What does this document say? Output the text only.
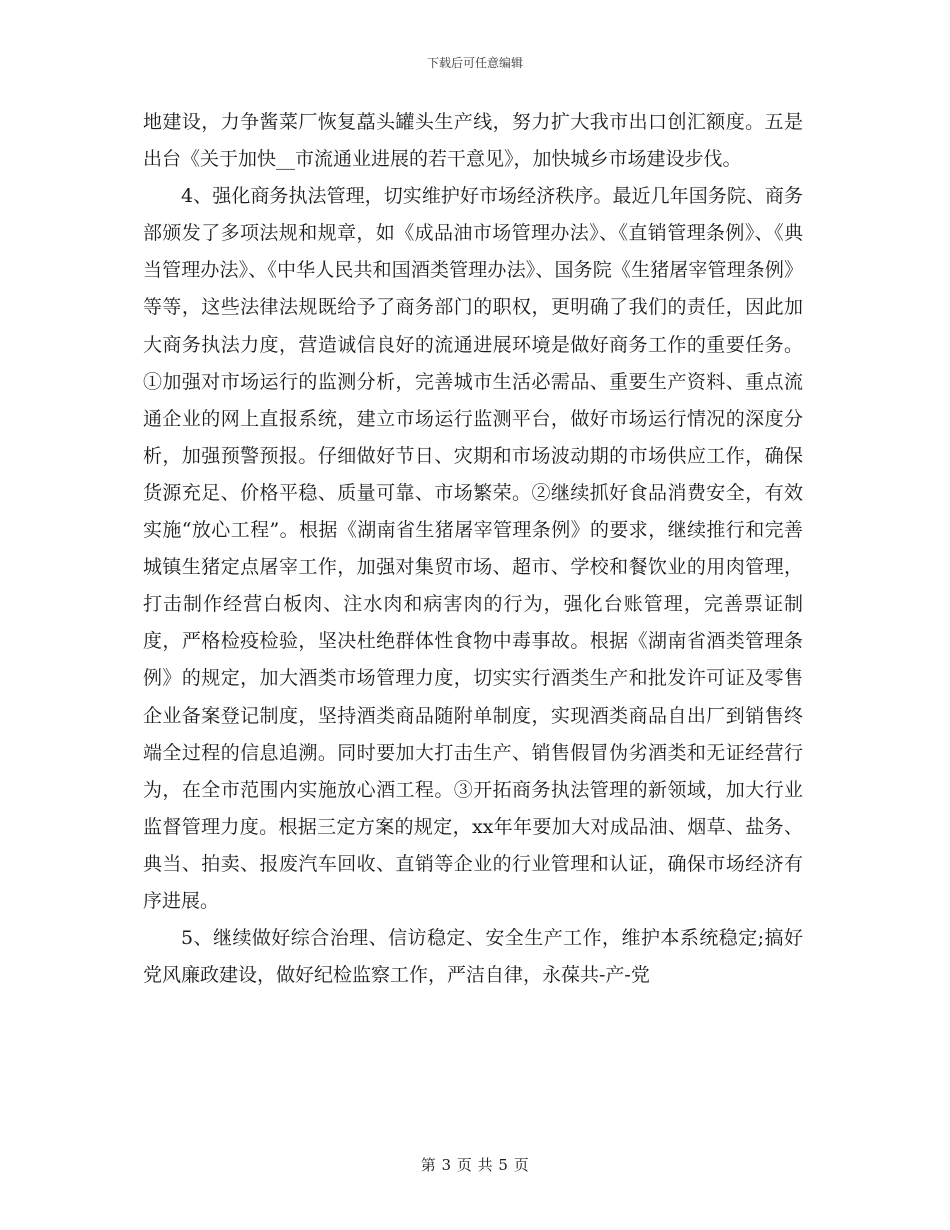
下载后可任意编辑

地建设，力争酱菜厂恢复藠头罐头生产线，努力扩大我市出口创汇额度。五是出台《关于加快__市流通业进展的若干意见》，加快城乡市场建设步伐。

4、强化商务执法管理，切实维护好市场经济秩序。最近几年国务院、商务部颁发了多项法规和规章，如《成品油市场管理办法》、《直销管理条例》、《典当管理办法》、《中华人民共和国酒类管理办法》、国务院《生猪屠宰管理条例》等等，这些法律法规既给予了商务部门的职权，更明确了我们的责任，因此加大商务执法力度，营造诚信良好的流通进展环境是做好商务工作的重要任务。①加强对市场运行的监测分析，完善城市生活必需品、重要生产资料、重点流通企业的网上直报系统，建立市场运行监测平台，做好市场运行情况的深度分析，加强预警预报。仔细做好节日、灾期和市场波动期的市场供应工作，确保货源充足、价格平稳、质量可靠、市场繁荣。②继续抓好食品消费安全，有效实施“放心工程”。根据《湖南省生猪屠宰管理条例》的要求，继续推行和完善城镇生猪定点屠宰工作，加强对集贸市场、超市、学校和餐饮业的用肉管理，打击制作经营白板肉、注水肉和病害肉的行为，强化台账管理，完善票证制度，严格检疫检验，坚决杜绝群体性食物中毒事故。根据《湖南省酒类管理条例》的规定，加大酒类市场管理力度，切实实行酒类生产和批发许可证及零售企业备案登记制度，坚持酒类商品随附单制度，实现酒类商品自出厂到销售终端全过程的信息追溯。同时要加大打击生产、销售假冒伪劣酒类和无证经营行为，在全市范围内实施放心酒工程。③开拓商务执法管理的新领域，加大行业监督管理力度。根据三定方案的规定，xx年年要加大对成品油、烟草、盐务、典当、拍卖、报废汽车回收、直销等企业的行业管理和认证，确保市场经济有序进展。

5、继续做好综合治理、信访稳定、安全生产工作，维护本系统稳定;搞好党风廉政建设，做好纪检监察工作，严洁自律，永葆共-产-党

第 3 页 共 5 页
